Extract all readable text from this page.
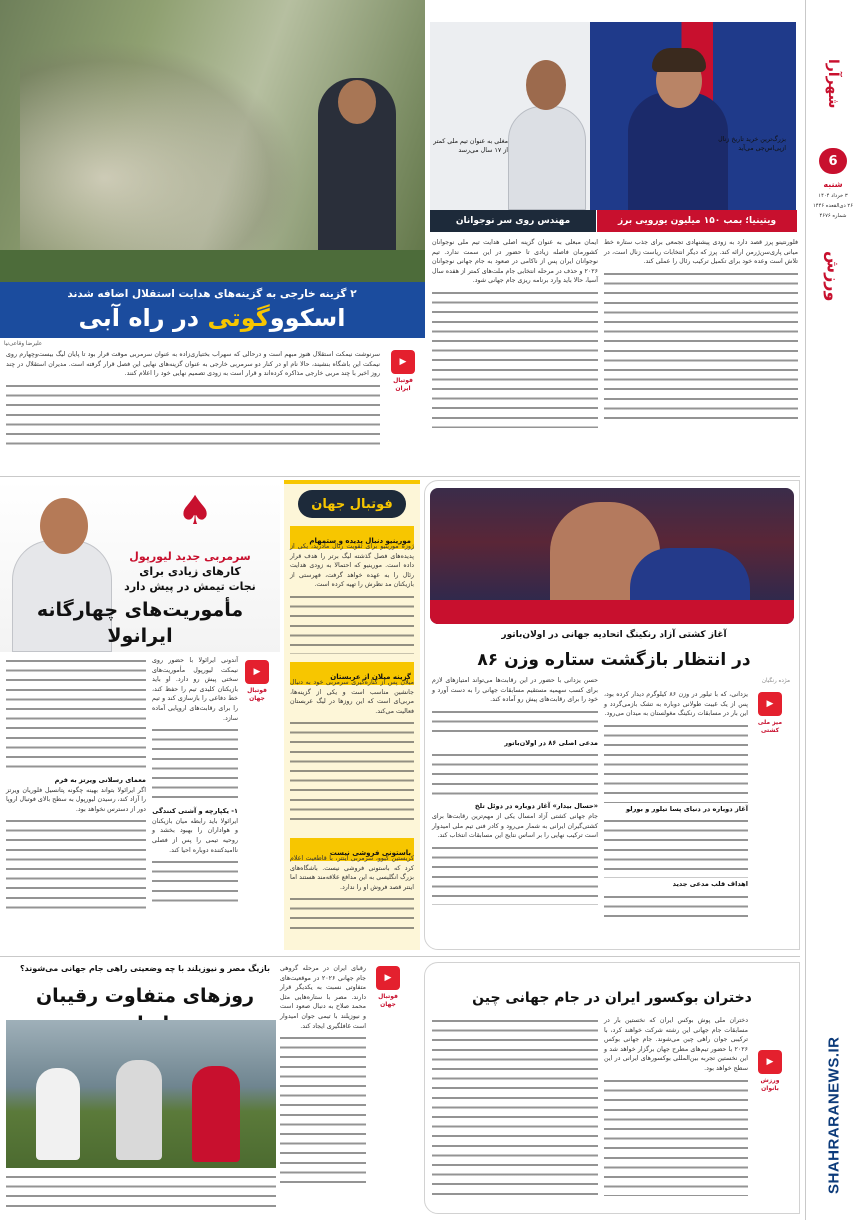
شهرآرا
6
شنبه
۳ خرداد ۱۴۰۴
۲۶ ذی‌القعده ۱۴۴۶
شماره ۴۶۷۶
ورزش
SHAHRARANEWS.IR
بزرگ‌ترین خرید تاریخ زنال ازپی‌اس‌جی می‌آید
مغلی به عنوان تیم ملی کمتر از ۱۷ سال می‌رسد
ویتینیا؛ بمب ۱۵۰ میلیون یورویی برز
مهندس روی سر نوجوانان
فلورنتینو پرز قصد دارد به زودی پیشنهادی تجمعی برای جذب ستاره خط میانی پاری‌سن‌ژرمن ارائه کند. پرز که دیگر انتخابات ریاست زنال است، در تلاش است وعده خود برای تکمیل ترکیب رئال را عملی کند.
ایمان مبعلی به عنوان گزینه اصلی هدایت تیم ملی نوجوانان کشورمان فاصله زیادی تا حضور در این سمت ندارد. تیم نوجوانان ایران پس از ناکامی در صعود به جام جهانی نوجوانان ۲۰۲۶ و حذف در مرحله انتخابی جام ملت‌های کمتر از هفده سال آسیا، حالا باید وارد برنامه ریزی جام جهانی شود.
۲ گزینه خارجی به گزینه‌های هدایت استقلال اضافه شدند
اسکووگوتی در راه آبی
علیرضا وقاعی‌نیا
▶
فوتبال ایران
سرنوشت نیمکت استقلال هنوز مبهم است و درحالی که سهراب بختیاری‌زاده به عنوان سرمربی موقت قرار بود تا پایان لیگ بیست‌وچهارم روی نیمکت این باشگاه بنشیند، حالا نام او در کنار دو سرمربی خارجی به عنوان گزینه‌های نهایی این فصل قرار گرفته است. مدیران استقلال در چند روز اخیر با چند مربی خارجی مذاکره کرده‌اند و قرار است به زودی تصمیم نهایی خود را اعلام کنند.
♠
سرمربی جدید لیورپول
کارهای زیادی برای
نجات تیمش در پیش دارد
مأموریت‌های چهارگانه ایرانولا
▶
فوتبال جهان
آندونی ایرائولا با حضور روی نیمکت لیورپول مأموریت‌های سختی پیش رو دارد. او باید بازیکنان کلیدی تیم را حفظ کند، خط دفاعی را بازسازی کند و تیم را برای رقابت‌های اروپایی آماده سازد.
۱- یکپارچه و آشتی کنندگی
ایرائولا باید رابطه میان بازیکنان و هواداران را بهبود بخشد و روحیه تیمی را پس از فصلی ناامیدکننده دوباره احیا کند.
معمای رسلانی ویرتز به فرم
اگر ایرائولا بتواند بهینه چگونه پتانسیل فلوریان ویرتز را آزاد کند، رسیدن لیورپول به سطح بالای فوتبال اروپا دور از دسترس نخواهد بود.
فوتبال جهان
مورینیو دنبال پدیده و ستمهام
ژوزه مورینیو برای تقویت رئال مادرید، یکی از پدیده‌های فصل گذشته لیگ برتر را هدف قرار داده است. مورینیو که احتمالا به زودی هدایت رئال را به عهده خواهد گرفت، فهرستی از بازیکنان مد نظرش را تهیه کرده است.
گزینه میلان از عربستان
میلان پس از کناره‌گیری سرمربی خود به دنبال جانشین مناسب است و یکی از گزینه‌ها، مربی‌ای است که این روزها در لیگ عربستان فعالیت می‌کند.
باستونی فروشی نیست
کریستین کیوو، سرمربی اینتر، با قاطعیت اعلام کرد که باستونی فروشی نیست. باشگاه‌های بزرگ انگلیسی به این مدافع علاقه‌مند هستند اما اینتر قصد فروش او را ندارد.
آغاز کشتی آزاد رنکینگ اتحادیه جهانی در اولان‌باتور
در انتظار بازگشت ستاره وزن ۸۶
مژده رنگیان
▶
میز ملی کشتی
یزدانی، که با تیلور در وزن ۸۶ کیلوگرم دیدار کرده بود، پس از یک غیبت طولانی دوباره به تشک بازمی‌گردد و این بار در مسابقات رنکینگ مغولستان به میدان می‌رود.
آغاز دوباره در دنیای پسا تیلور و بورلو
اهداف قلب مدعی جدید
حسن یزدانی با حضور در این رقابت‌ها می‌تواند امتیازهای لازم برای کسب سهمیه مستقیم مسابقات جهانی را به دست آورد و خود را برای رقابت‌های پیش رو آماده کند.
مدعی اصلی ۸۶ در اولان‌باتور
«حسال بیدار» آغاز دوباره در دوئل تلخ
جام جهانی کشتی آزاد امسال یکی از مهم‌ترین رقابت‌ها برای کشتی‌گیران ایرانی به شمار می‌رود و کادر فنی تیم ملی امیدوار است ترکیب نهایی را بر اساس نتایج این مسابقات انتخاب کند.
بازیگ مصر و نیوزیلند با چه وضعیتی راهی جام جهانی می‌شوند؟
روزهای متفاوت رقیبان
▶
فوتبال جهان
رقبای ایران در مرحله گروهی جام جهانی ۲۰۲۶ در موقعیت‌های متفاوتی نسبت به یکدیگر قرار دارند. مصر با ستاره‌هایی مثل محمد صلاح به دنبال صعود است و نیوزیلند با تیمی جوان امیدوار است غافلگیری ایجاد کند.
دختران بوکسور ایران در جام جهانی چین
▶
ورزش بانوان
دختران ملی پوش بوکس ایران که نخستین بار در مسابقات جام جهانی این رشته شرکت خواهند کرد، با ترکیبی جوان راهی چین می‌شوند. جام جهانی بوکس ۲۰۲۶ با حضور تیم‌های مطرح جهان برگزار خواهد شد و این نخستین تجربه بین‌المللی بوکسورهای ایرانی در این سطح خواهد بود.
